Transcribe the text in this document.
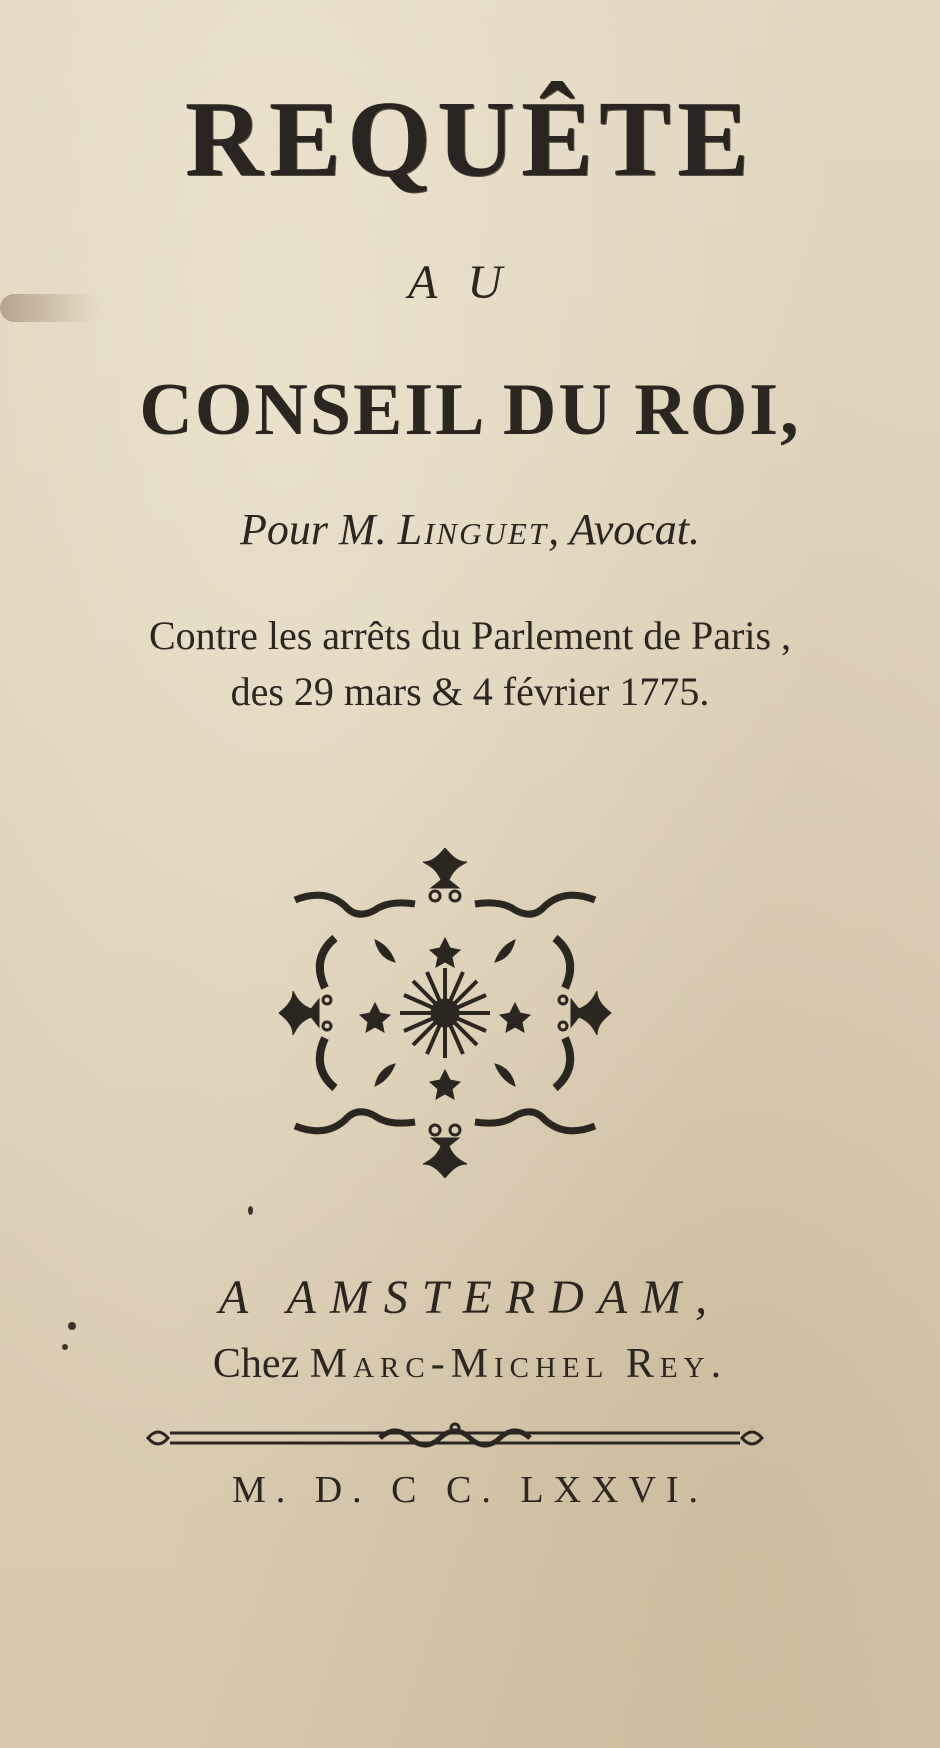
REQUÊTE
AU
CONSEIL DU ROI,
Pour M. Linguet, Avocat.
Contre les arrêts du Parlement de Paris ,
des 29 mars & 4 février 1775.
A AMSTERDAM,
Chez Marc-Michel Rey.
M. D. C C. LXXVI.
